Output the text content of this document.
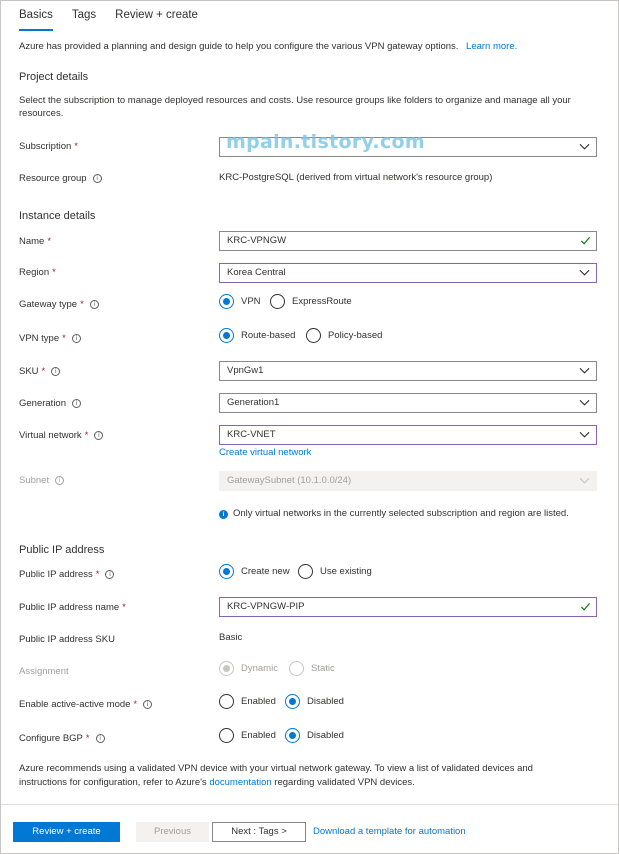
Basics Tags Review + create
Azure has provided a planning and design guide to help you configure the various VPN gateway options. Learn more.
Project details
Select the subscription to manage deployed resources and costs. Use resource groups like folders to organize and manage all your
resources.
Subscription *	mpain.tistory.com
Resource group i	KRC-PostgreSQL (derived from virtual network's resource group)
Instance details
Name *	KRC-VPNGW
Region *	Korea Central
Gateway type * i	VPN	ExpressRoute
VPN type * i	Route-based	Policy-based
SKU * i	VpnGw1
Generation i	Generation1
Virtual network * i	KRC-VNET
Create virtual network
Subnet i	GatewaySubnet (10.1.0.0/24)
i Only virtual networks in the currently selected subscription and region are listed.
Public IP address
Public IP address * i	Create new	Use existing
Public IP address name *	KRC-VPNGW-PIP
Public IP address SKU	Basic
Assignment	Dynamic	Static
Enable active-active mode * i	Enabled	Disabled
Configure BGP * i	Enabled	Disabled
Azure recommends using a validated VPN device with your virtual network gateway. To view a list of validated devices and
instructions for configuration, refer to Azure's documentation regarding validated VPN devices.
Review + create	Previous	Next : Tags >	Download a template for automation
